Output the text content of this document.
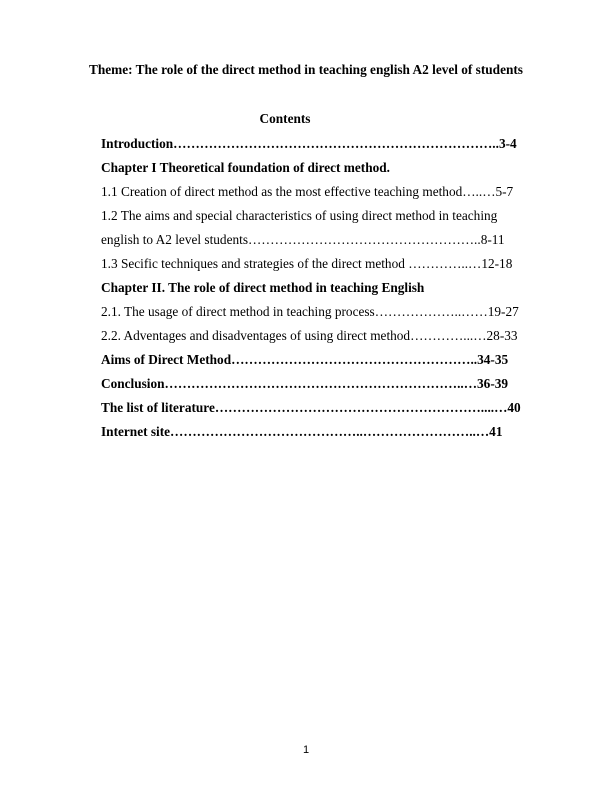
Theme: The role of the direct method in teaching english A2 level of students
Contents
Introduction………………………………………………………………..3-4
Chapter I Theoretical foundation of direct method.
1.1 Creation of direct method as the most effective teaching method…..…5-7
1.2 The aims and special characteristics of using direct method in teaching
english to A2 level students……………………………………………..8-11
1.3 Secific techniques and strategies of the direct method …………..…12-18
Chapter II. The role of direct method in teaching English
2.1. The usage of direct method in teaching process………………..……19-27
2.2. Adventages and disadventages of using direct method…………...…28-33
Aims of Direct Method………………………………………………..34-35
Conclusion…………………………………………………………..…36-39
The list of literature……………………………………………………....…40
Internet site……………………………………..……………………..…41
1
